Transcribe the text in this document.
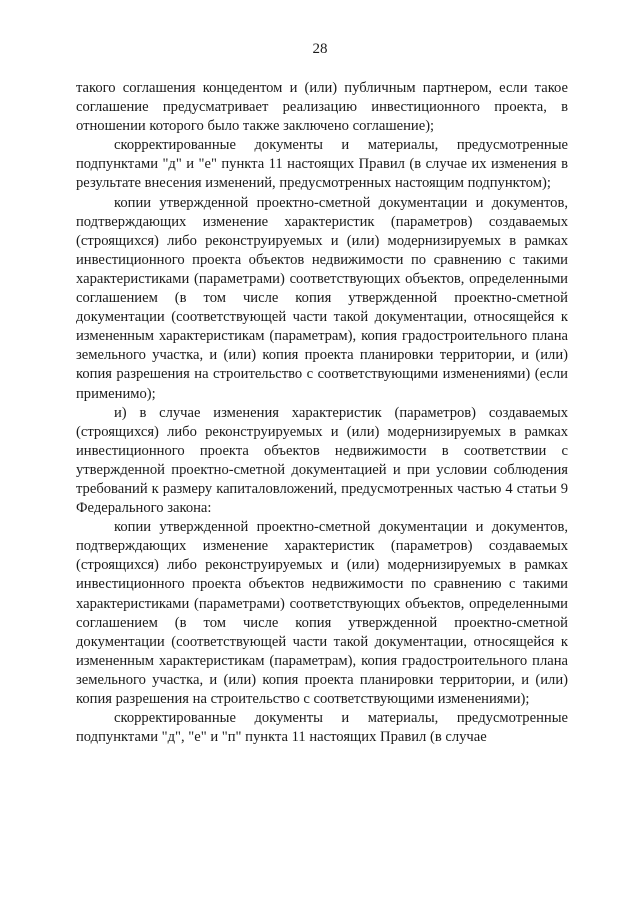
28

такого соглашения концедентом и (или) публичным партнером, если такое соглашение предусматривает реализацию инвестиционного проекта, в отношении которого было также заключено соглашение);

скорректированные документы и материалы, предусмотренные подпунктами "д" и "е" пункта 11 настоящих Правил (в случае их изменения в результате внесения изменений, предусмотренных настоящим подпунктом);

копии утвержденной проектно-сметной документации и документов, подтверждающих изменение характеристик (параметров) создаваемых (строящихся) либо реконструируемых и (или) модернизируемых в рамках инвестиционного проекта объектов недвижимости по сравнению с такими характеристиками (параметрами) соответствующих объектов, определенными соглашением (в том числе копия утвержденной проектно-сметной документации (соответствующей части такой документации, относящейся к измененным характеристикам (параметрам), копия градостроительного плана земельного участка, и (или) копия проекта планировки территории, и (или) копия разрешения на строительство с соответствующими изменениями) (если применимо);

и) в случае изменения характеристик (параметров) создаваемых (строящихся) либо реконструируемых и (или) модернизируемых в рамках инвестиционного проекта объектов недвижимости в соответствии с утвержденной проектно-сметной документацией и при условии соблюдения требований к размеру капиталовложений, предусмотренных частью 4 статьи 9 Федерального закона:

копии утвержденной проектно-сметной документации и документов, подтверждающих изменение характеристик (параметров) создаваемых (строящихся) либо реконструируемых и (или) модернизируемых в рамках инвестиционного проекта объектов недвижимости по сравнению с такими характеристиками (параметрами) соответствующих объектов, определенными соглашением (в том числе копия утвержденной проектно-сметной документации (соответствующей части такой документации, относящейся к измененным характеристикам (параметрам), копия градостроительного плана земельного участка, и (или) копия проекта планировки территории, и (или) копия разрешения на строительство с соответствующими изменениями);

скорректированные документы и материалы, предусмотренные подпунктами "д", "е" и "п" пункта 11 настоящих Правил (в случае
